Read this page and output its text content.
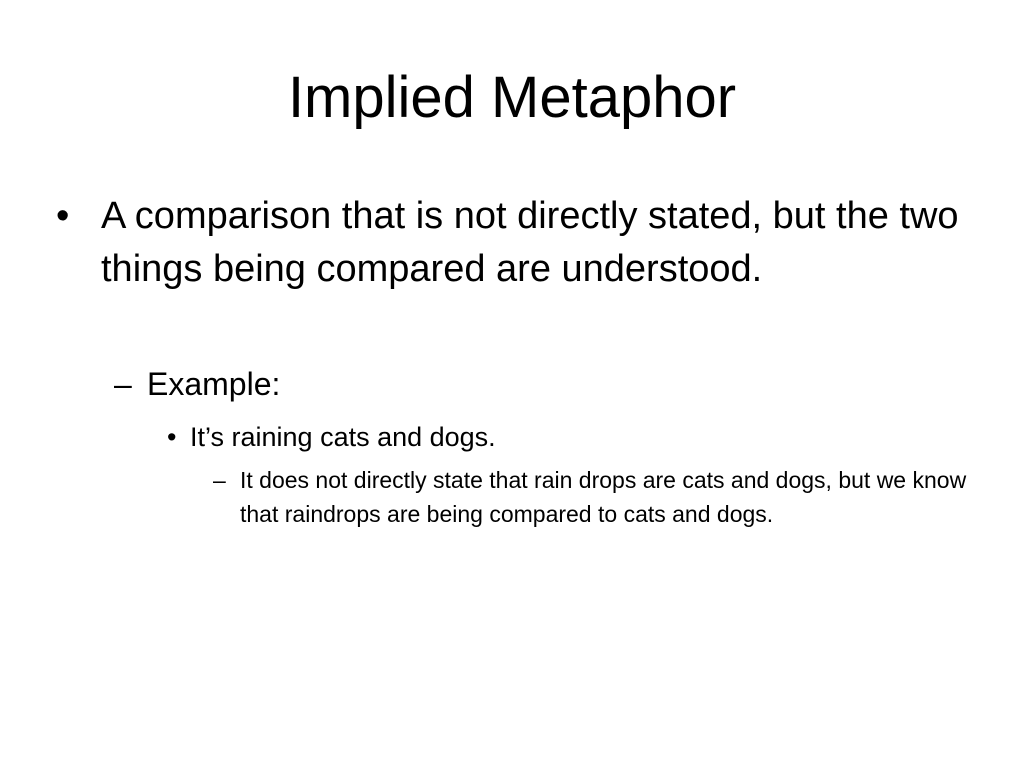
Implied Metaphor
• A comparison that is not directly stated, but the two things being compared are understood.
– Example:
• It’s raining cats and dogs.
– It does not directly state that rain drops are cats and dogs, but we know that raindrops are being compared to cats and dogs.
